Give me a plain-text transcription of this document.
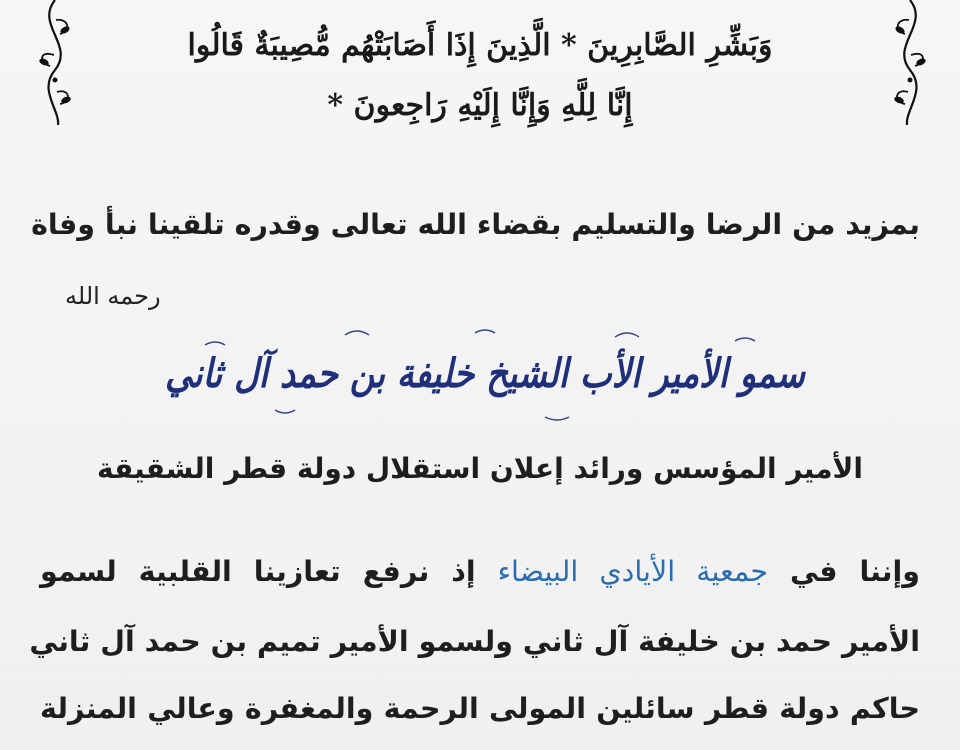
وَبَشِّرِ الصَّابِرِينَ * الَّذِينَ إِذَا أَصَابَتْهُم مُّصِيبَةٌ قَالُوا
إِنَّا لِلَّهِ وَإِنَّا إِلَيْهِ رَاجِعونَ *
بمزيد من الرضا والتسليم بقضاء الله تعالى وقدره تلقينا نبأ وفاة
رحمه الله
سمو الأمير الأب الشيخ خليفة بن حمد آل ثاني
الأمير المؤسس ورائد إعلان استقلال دولة قطر الشقيقة
وإننا في جمعية الأيادي البيضاء إذ نرفع تعازينا القلبية لسمو
الأمير حمد بن خليفة آل ثاني ولسمو الأمير تميم بن حمد آل ثاني
حاكم دولة قطر سائلين المولى الرحمة والمغفرة وعالي المنزلة
